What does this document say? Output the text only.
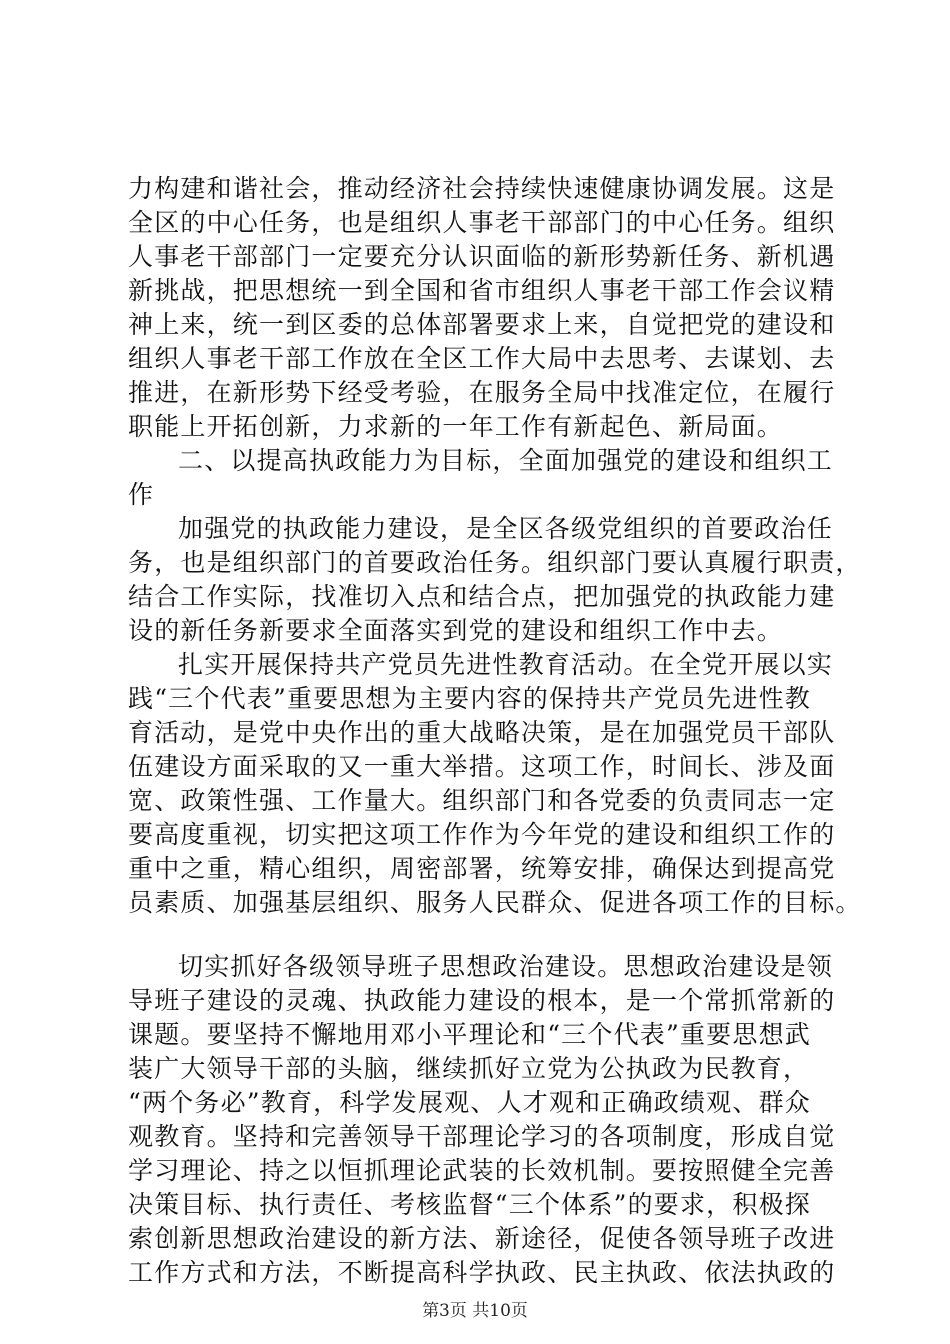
力构建和谐社会，推动经济社会持续快速健康协调发展。这是
全区的中心任务，也是组织人事老干部部门的中心任务。组织
人事老干部部门一定要充分认识面临的新形势新任务、新机遇
新挑战，把思想统一到全国和省市组织人事老干部工作会议精
神上来，统一到区委的总体部署要求上来，自觉把党的建设和
组织人事老干部工作放在全区工作大局中去思考、去谋划、去
推进，在新形势下经受考验，在服务全局中找准定位，在履行
职能上开拓创新，力求新的一年工作有新起色、新局面。
二、以提高执政能力为目标，全面加强党的建设和组织工
作
加强党的执政能力建设，是全区各级党组织的首要政治任
务，也是组织部门的首要政治任务。组织部门要认真履行职责，
结合工作实际，找准切入点和结合点，把加强党的执政能力建
设的新任务新要求全面落实到党的建设和组织工作中去。
扎实开展保持共产党员先进性教育活动。在全党开展以实
践“三个代表”重要思想为主要内容的保持共产党员先进性教
育活动，是党中央作出的重大战略决策，是在加强党员干部队
伍建设方面采取的又一重大举措。这项工作，时间长、涉及面
宽、政策性强、工作量大。组织部门和各党委的负责同志一定
要高度重视，切实把这项工作作为今年党的建设和组织工作的
重中之重，精心组织，周密部署，统筹安排，确保达到提高党
员素质、加强基层组织、服务人民群众、促进各项工作的目标。
切实抓好各级领导班子思想政治建设。思想政治建设是领
导班子建设的灵魂、执政能力建设的根本，是一个常抓常新的
课题。要坚持不懈地用邓小平理论和“三个代表”重要思想武
装广大领导干部的头脑，继续抓好立党为公执政为民教育，
“两个务必”教育，科学发展观、人才观和正确政绩观、群众
观教育。坚持和完善领导干部理论学习的各项制度，形成自觉
学习理论、持之以恒抓理论武装的长效机制。要按照健全完善
决策目标、执行责任、考核监督“三个体系”的要求，积极探
索创新思想政治建设的新方法、新途径，促使各领导班子改进
工作方式和方法，不断提高科学执政、民主执政、依法执政的
第3页 共10页
